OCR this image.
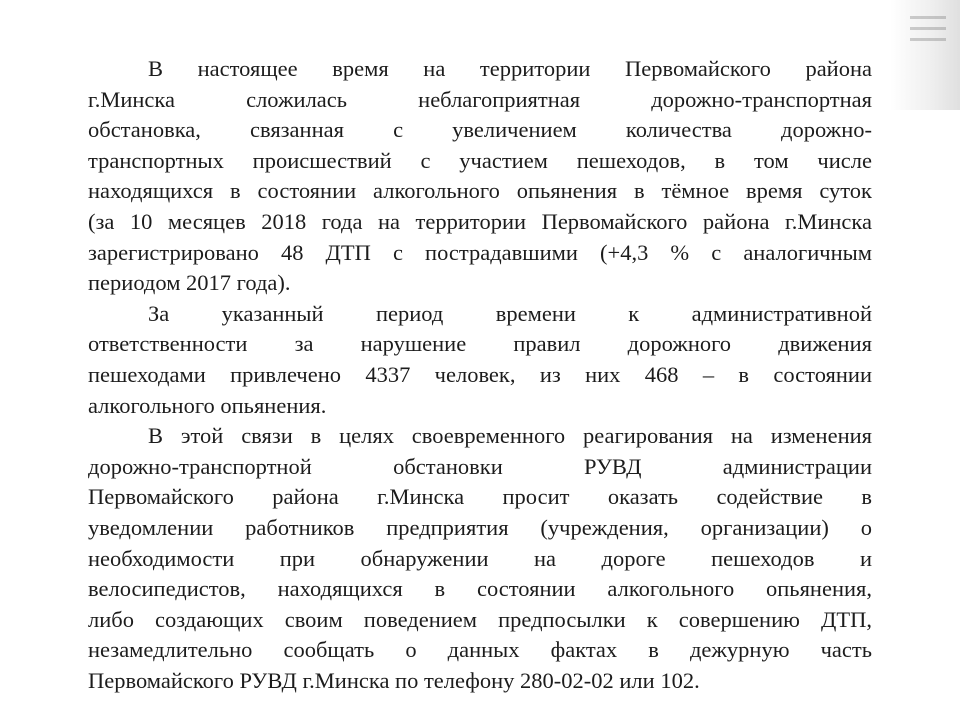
В настоящее время на территории Первомайского района
г.Минска сложилась неблагоприятная дорожно-транспортная
обстановка, связанная с увеличением количества дорожно-
транспортных происшествий с участием пешеходов, в том числе
находящихся в состоянии алкогольного опьянения в тёмное время суток
(за 10 месяцев 2018 года на территории Первомайского района г.Минска
зарегистрировано 48 ДТП с пострадавшими (+4,3 % с аналогичным
периодом 2017 года).
За указанный период времени к административной
ответственности за нарушение правил дорожного движения
пешеходами привлечено 4337 человек, из них 468 – в состоянии
алкогольного опьянения.
В этой связи в целях своевременного реагирования на изменения
дорожно-транспортной обстановки РУВД администрации
Первомайского района г.Минска просит оказать содействие в
уведомлении работников предприятия (учреждения, организации) о
необходимости при обнаружении на дороге пешеходов и
велосипедистов, находящихся в состоянии алкогольного опьянения,
либо создающих своим поведением предпосылки к совершению ДТП,
незамедлительно сообщать о данных фактах в дежурную часть
Первомайского РУВД г.Минска по телефону 280-02-02 или 102.
